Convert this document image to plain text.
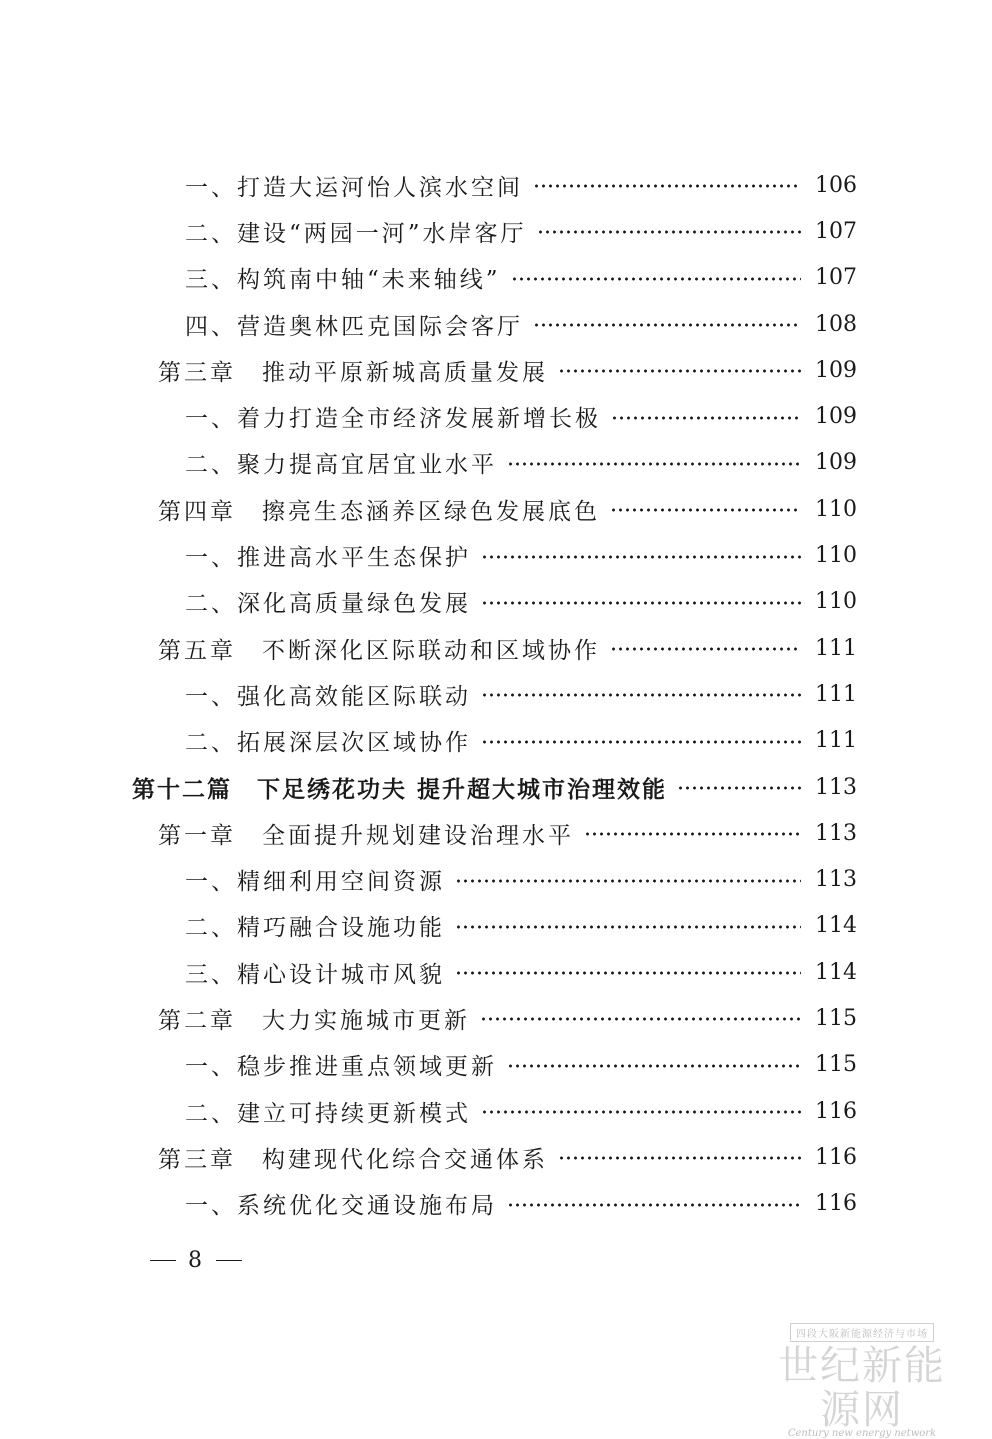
一、打造大运河怡人滨水空间	106
二、建设“两园一河”水岸客厅	107
三、构筑南中轴“未来轴线”	107
四、营造奥林匹克国际会客厅	108
第三章　推动平原新城高质量发展	109
一、着力打造全市经济发展新增长极	109
二、聚力提高宜居宜业水平	109
第四章　擦亮生态涵养区绿色发展底色	110
一、推进高水平生态保护	110
二、深化高质量绿色发展	110
第五章　不断深化区际联动和区域协作	111
一、强化高效能区际联动	111
二、拓展深层次区域协作	111
第十二篇　下足绣花功夫 提升超大城市治理效能	113
第一章　全面提升规划建设治理水平	113
一、精细利用空间资源	113
二、精巧融合设施功能	114
三、精心设计城市风貌	114
第二章　大力实施城市更新	115
一、稳步推进重点领域更新	115
二、建立可持续更新模式	116
第三章　构建现代化综合交通体系	116
一、系统优化交通设施布局	116
8
四段大阪新能源经济与市场
世纪新能源网
Century new energy network
